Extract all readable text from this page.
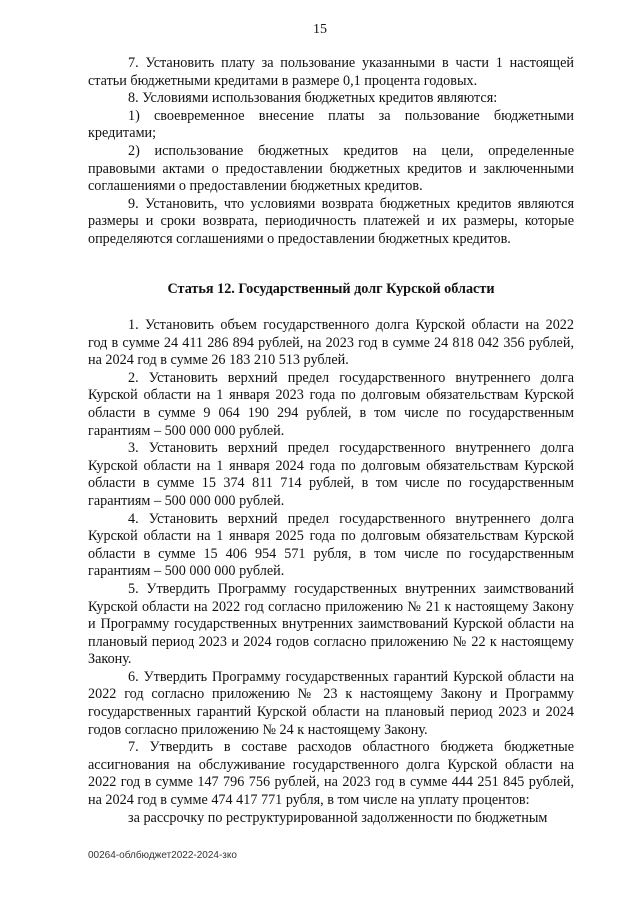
15

7. Установить плату за пользование указанными в части 1 настоящей статьи бюджетными кредитами в размере 0,1 процента годовых.

8. Условиями использования бюджетных кредитов являются:

1) своевременное внесение платы за пользование бюджетными кредитами;

2) использование бюджетных кредитов на цели, определенные правовыми актами о предоставлении бюджетных кредитов и заключенными соглашениями о предоставлении бюджетных кредитов.

9. Установить, что условиями возврата бюджетных кредитов являются размеры и сроки возврата, периодичность платежей и их размеры, которые определяются соглашениями о предоставлении бюджетных кредитов.

Статья 12. Государственный долг Курской области

1. Установить объем государственного долга Курской области на 2022 год в сумме 24 411 286 894 рублей, на 2023 год в сумме 24 818 042 356 рублей, на 2024 год в сумме 26 183 210 513 рублей.

2. Установить верхний предел государственного внутреннего долга Курской области на 1 января 2023 года по долговым обязательствам Курской области в сумме 9 064 190 294 рублей, в том числе по государственным гарантиям – 500 000 000 рублей.

3. Установить верхний предел государственного внутреннего долга Курской области на 1 января 2024 года по долговым обязательствам Курской области в сумме 15 374 811 714 рублей, в том числе по государственным гарантиям – 500 000 000 рублей.

4. Установить верхний предел государственного внутреннего долга Курской области на 1 января 2025 года по долговым обязательствам Курской области в сумме 15 406 954 571 рубля, в том числе по государственным гарантиям – 500 000 000 рублей.

5. Утвердить Программу государственных внутренних заимствований Курской области на 2022 год согласно приложению № 21 к настоящему Закону и Программу государственных внутренних заимствований Курской области на плановый период 2023 и 2024 годов согласно приложению № 22 к настоящему Закону.

6. Утвердить Программу государственных гарантий Курской области на 2022 год согласно приложению № 23 к настоящему Закону и Программу государственных гарантий Курской области на плановый период 2023 и 2024 годов согласно приложению № 24 к настоящему Закону.

7. Утвердить в составе расходов областного бюджета бюджетные ассигнования на обслуживание государственного долга Курской области на 2022 год в сумме 147 796 756 рублей, на 2023 год в сумме 444 251 845 рублей, на 2024 год в сумме 474 417 771 рубля, в том числе на уплату процентов:

за рассрочку по реструктурированной задолженности по бюджетным

00264-облбюджет2022-2024-зко
